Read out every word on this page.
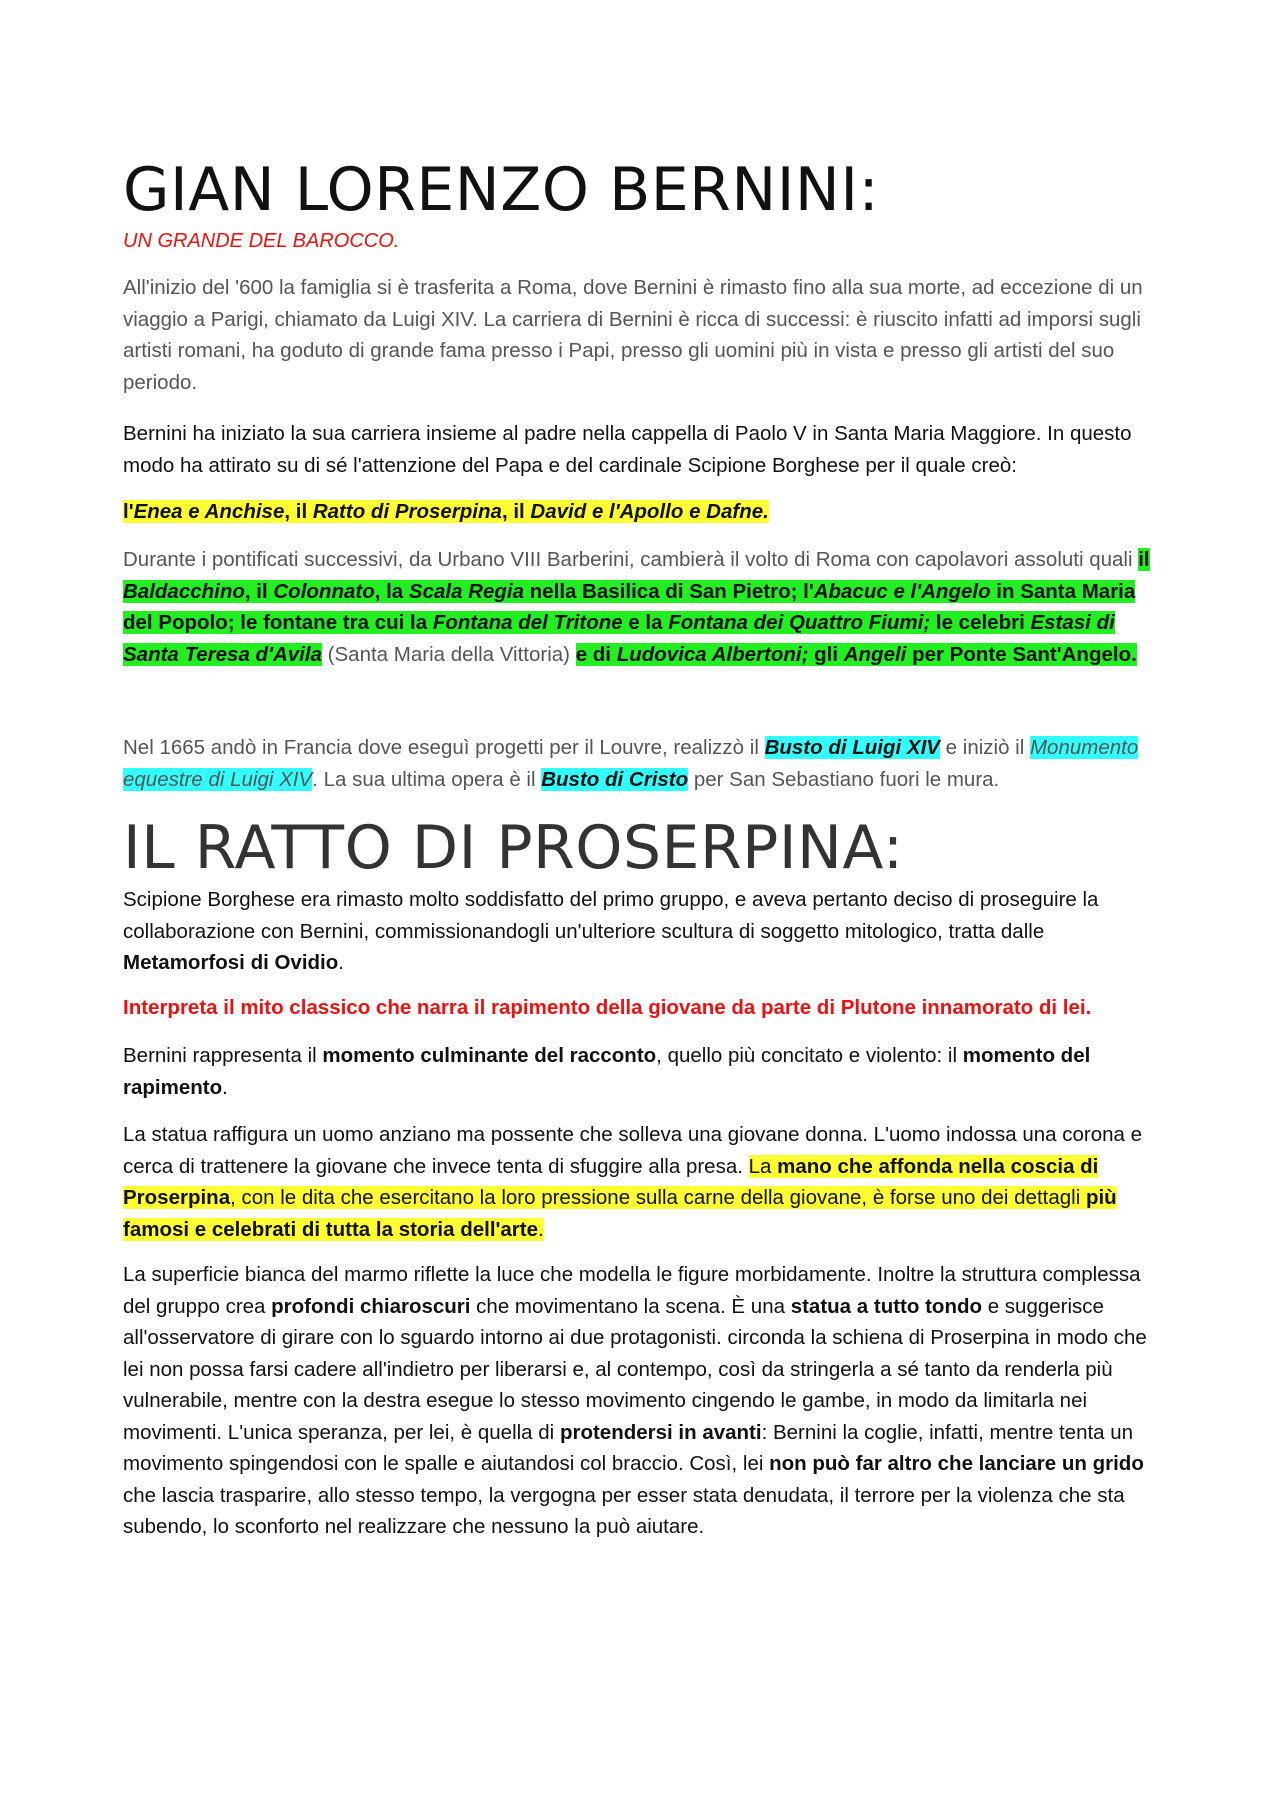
GIAN LORENZO BERNINI:
UN GRANDE DEL BAROCCO.

All'inizio del '600 la famiglia si è trasferita a Roma, dove Bernini è rimasto fino alla sua morte, ad eccezione di un viaggio a Parigi, chiamato da Luigi XIV. La carriera di Bernini è ricca di successi: è riuscito infatti ad imporsi sugli artisti romani, ha goduto di grande fama presso i Papi, presso gli uomini più in vista e presso gli artisti del suo periodo.

Bernini ha iniziato la sua carriera insieme al padre nella cappella di Paolo V in Santa Maria Maggiore. In questo modo ha attirato su di sé l'attenzione del Papa e del cardinale Scipione Borghese per il quale creò:

l'Enea e Anchise, il Ratto di Proserpina, il David e l'Apollo e Dafne.

Durante i pontificati successivi, da Urbano VIII Barberini, cambierà il volto di Roma con capolavori assoluti quali il Baldacchino, il Colonnato, la Scala Regia nella Basilica di San Pietro; l'Abacuc e l'Angelo in Santa Maria del Popolo; le fontane tra cui la Fontana del Tritone e la Fontana dei Quattro Fiumi; le celebri Estasi di Santa Teresa d'Avila (Santa Maria della Vittoria) e di Ludovica Albertoni; gli Angeli per Ponte Sant'Angelo.

Nel 1665 andò in Francia dove eseguì progetti per il Louvre, realizzò il Busto di Luigi XIV e iniziò il Monumento equestre di Luigi XIV. La sua ultima opera è il Busto di Cristo per San Sebastiano fuori le mura.

IL RATTO DI PROSERPINA:

Scipione Borghese era rimasto molto soddisfatto del primo gruppo, e aveva pertanto deciso di proseguire la collaborazione con Bernini, commissionandogli un'ulteriore scultura di soggetto mitologico, tratta dalle Metamorfosi di Ovidio.

Interpreta il mito classico che narra il rapimento della giovane da parte di Plutone innamorato di lei.

Bernini rappresenta il momento culminante del racconto, quello più concitato e violento: il momento del rapimento.

La statua raffigura un uomo anziano ma possente che solleva una giovane donna. L'uomo indossa una corona e cerca di trattenere la giovane che invece tenta di sfuggire alla presa. La mano che affonda nella coscia di Proserpina, con le dita che esercitano la loro pressione sulla carne della giovane, è forse uno dei dettagli più famosi e celebrati di tutta la storia dell'arte.

La superficie bianca del marmo riflette la luce che modella le figure morbidamente. Inoltre la struttura complessa del gruppo crea profondi chiaroscuri che movimentano la scena. È una statua a tutto tondo e suggerisce all'osservatore di girare con lo sguardo intorno ai due protagonisti. circonda la schiena di Proserpina in modo che lei non possa farsi cadere all'indietro per liberarsi e, al contempo, così da stringerla a sé tanto da renderla più vulnerabile, mentre con la destra esegue lo stesso movimento cingendo le gambe, in modo da limitarla nei movimenti. L'unica speranza, per lei, è quella di protendersi in avanti: Bernini la coglie, infatti, mentre tenta un movimento spingendosi con le spalle e aiutandosi col braccio. Così, lei non può far altro che lanciare un grido che lascia trasparire, allo stesso tempo, la vergogna per esser stata denudata, il terrore per la violenza che sta subendo, lo sconforto nel realizzare che nessuno la può aiutare.
